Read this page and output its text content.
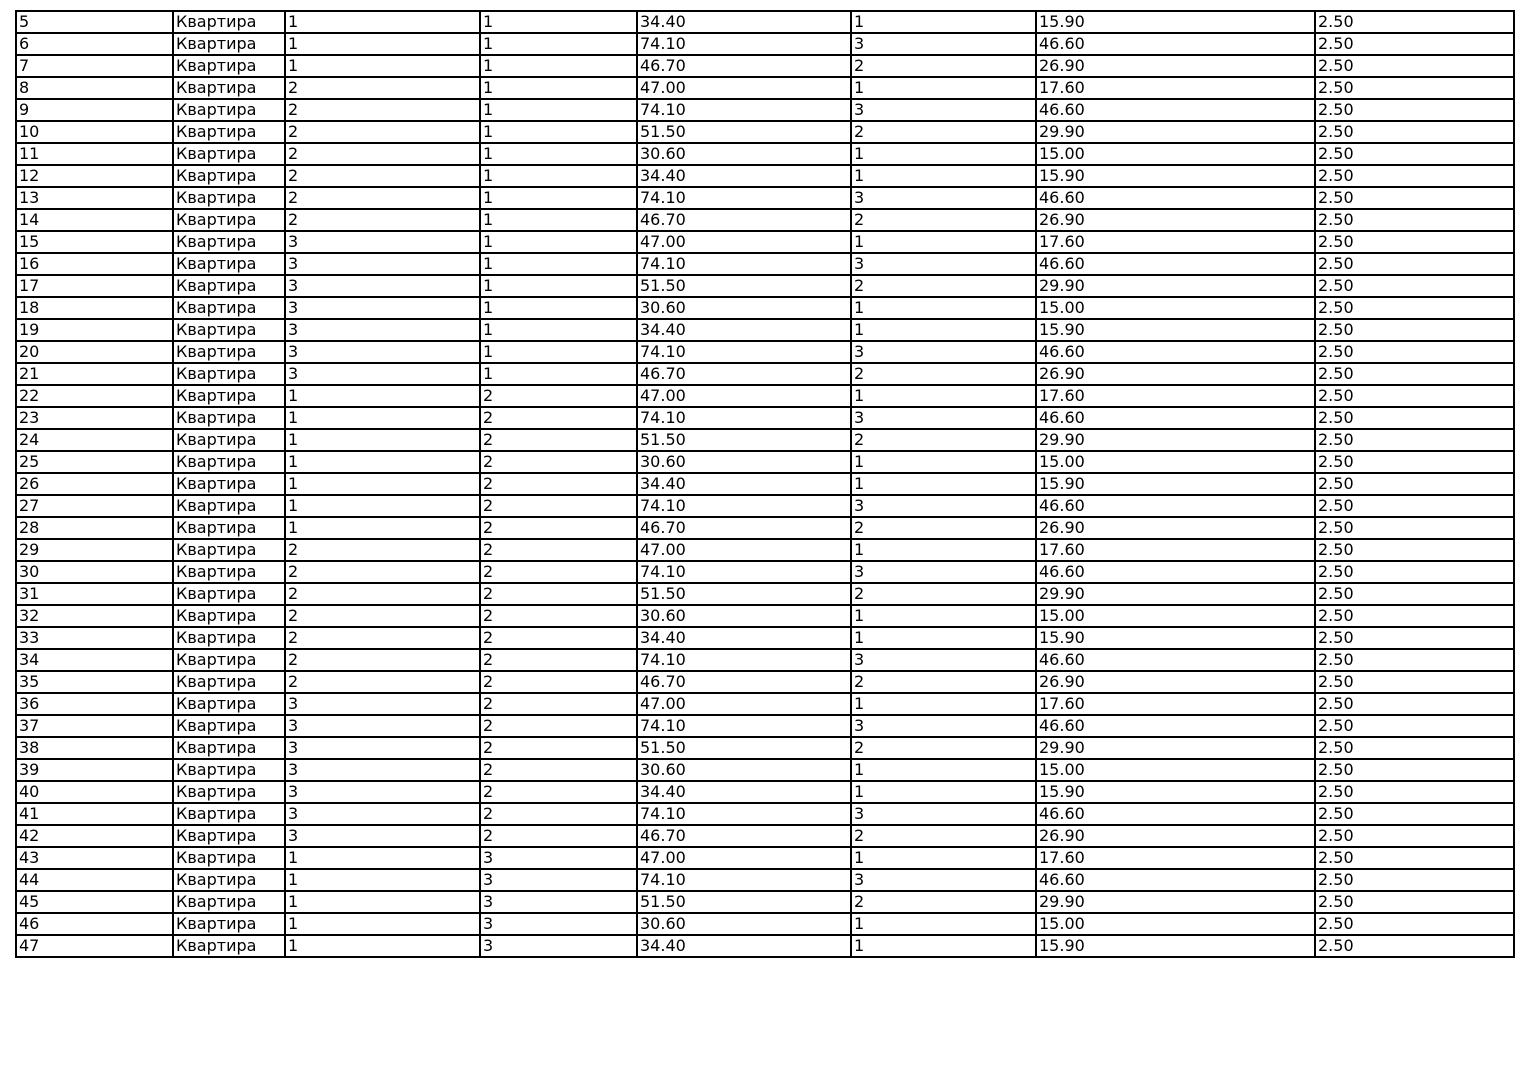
5	Квартира	1	1	34.40	1	15.90	2.50
6	Квартира	1	1	74.10	3	46.60	2.50
7	Квартира	1	1	46.70	2	26.90	2.50
8	Квартира	2	1	47.00	1	17.60	2.50
9	Квартира	2	1	74.10	3	46.60	2.50
10	Квартира	2	1	51.50	2	29.90	2.50
11	Квартира	2	1	30.60	1	15.00	2.50
12	Квартира	2	1	34.40	1	15.90	2.50
13	Квартира	2	1	74.10	3	46.60	2.50
14	Квартира	2	1	46.70	2	26.90	2.50
15	Квартира	3	1	47.00	1	17.60	2.50
16	Квартира	3	1	74.10	3	46.60	2.50
17	Квартира	3	1	51.50	2	29.90	2.50
18	Квартира	3	1	30.60	1	15.00	2.50
19	Квартира	3	1	34.40	1	15.90	2.50
20	Квартира	3	1	74.10	3	46.60	2.50
21	Квартира	3	1	46.70	2	26.90	2.50
22	Квартира	1	2	47.00	1	17.60	2.50
23	Квартира	1	2	74.10	3	46.60	2.50
24	Квартира	1	2	51.50	2	29.90	2.50
25	Квартира	1	2	30.60	1	15.00	2.50
26	Квартира	1	2	34.40	1	15.90	2.50
27	Квартира	1	2	74.10	3	46.60	2.50
28	Квартира	1	2	46.70	2	26.90	2.50
29	Квартира	2	2	47.00	1	17.60	2.50
30	Квартира	2	2	74.10	3	46.60	2.50
31	Квартира	2	2	51.50	2	29.90	2.50
32	Квартира	2	2	30.60	1	15.00	2.50
33	Квартира	2	2	34.40	1	15.90	2.50
34	Квартира	2	2	74.10	3	46.60	2.50
35	Квартира	2	2	46.70	2	26.90	2.50
36	Квартира	3	2	47.00	1	17.60	2.50
37	Квартира	3	2	74.10	3	46.60	2.50
38	Квартира	3	2	51.50	2	29.90	2.50
39	Квартира	3	2	30.60	1	15.00	2.50
40	Квартира	3	2	34.40	1	15.90	2.50
41	Квартира	3	2	74.10	3	46.60	2.50
42	Квартира	3	2	46.70	2	26.90	2.50
43	Квартира	1	3	47.00	1	17.60	2.50
44	Квартира	1	3	74.10	3	46.60	2.50
45	Квартира	1	3	51.50	2	29.90	2.50
46	Квартира	1	3	30.60	1	15.00	2.50
47	Квартира	1	3	34.40	1	15.90	2.50
